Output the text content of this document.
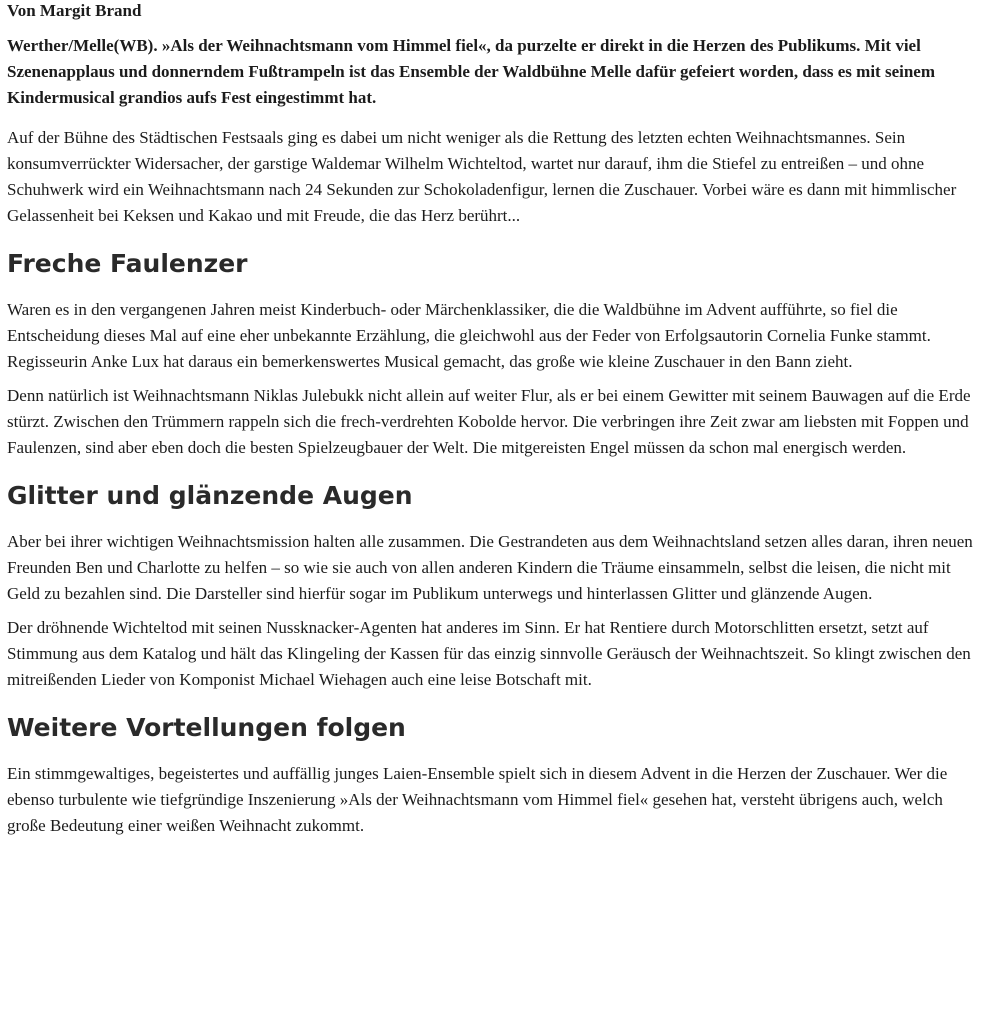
Von Margit Brand

Werther/Melle(WB). »Als der Weihnachtsmann vom Himmel fiel«, da purzelte er direkt in die Herzen des Publikums. Mit viel Szenenapplaus und donnerndem Fußtrampeln ist das Ensemble der Waldbühne Melle dafür gefeiert worden, dass es mit seinem Kindermusical grandios aufs Fest eingestimmt hat.

Auf der Bühne des Städtischen Festsaals ging es dabei um nicht weniger als die Rettung des letzten echten Weihnachtsmannes. Sein konsumverrückter Widersacher, der garstige Waldemar Wilhelm Wichteltod, wartet nur darauf, ihm die Stiefel zu entreißen – und ohne Schuhwerk wird ein Weihnachtsmann nach 24 Sekunden zur Schokoladenfigur, lernen die Zuschauer. Vorbei wäre es dann mit himmlischer Gelassenheit bei Keksen und Kakao und mit Freude, die das Herz berührt...

Freche Faulenzer

Waren es in den vergangenen Jahren meist Kinderbuch- oder Märchenklassiker, die die Waldbühne im Advent aufführte, so fiel die Entscheidung dieses Mal auf eine eher unbekannte Erzählung, die gleichwohl aus der Feder von Erfolgsautorin Cornelia Funke stammt. Regisseurin Anke Lux hat daraus ein bemerkenswertes Musical gemacht, das große wie kleine Zuschauer in den Bann zieht.

Denn natürlich ist Weihnachtsmann Niklas Julebukk nicht allein auf weiter Flur, als er bei einem Gewitter mit seinem Bauwagen auf die Erde stürzt. Zwischen den Trümmern rappeln sich die frech-verdrehten Kobolde hervor. Die verbringen ihre Zeit zwar am liebsten mit Foppen und Faulenzen, sind aber eben doch die besten Spielzeugbauer der Welt. Die mitgereisten Engel müssen da schon mal energisch werden.

Glitter und glänzende Augen

Aber bei ihrer wichtigen Weihnachtsmission halten alle zusammen. Die Gestrandeten aus dem Weihnachtsland setzen alles daran, ihren neuen Freunden Ben und Charlotte zu helfen – so wie sie auch von allen anderen Kindern die Träume einsammeln, selbst die leisen, die nicht mit Geld zu bezahlen sind. Die Darsteller sind hierfür sogar im Publikum unterwegs und hinterlassen Glitter und glänzende Augen.

Der dröhnende Wichteltod mit seinen Nussknacker-Agenten hat anderes im Sinn. Er hat Rentiere durch Motorschlitten ersetzt, setzt auf Stimmung aus dem Katalog und hält das Klingeling der Kassen für das einzig sinnvolle Geräusch der Weihnachtszeit. So klingt zwischen den mitreißenden Lieder von Komponist Michael Wiehagen auch eine leise Botschaft mit.

Weitere Vortellungen folgen

Ein stimmgewaltiges, begeistertes und auffällig junges Laien-Ensemble spielt sich in diesem Advent in die Herzen der Zuschauer. Wer die ebenso turbulente wie tiefgründige Inszenierung »Als der Weihnachtsmann vom Himmel fiel« gesehen hat, versteht übrigens auch, welch große Bedeutung einer weißen Weihnacht zukommt.
